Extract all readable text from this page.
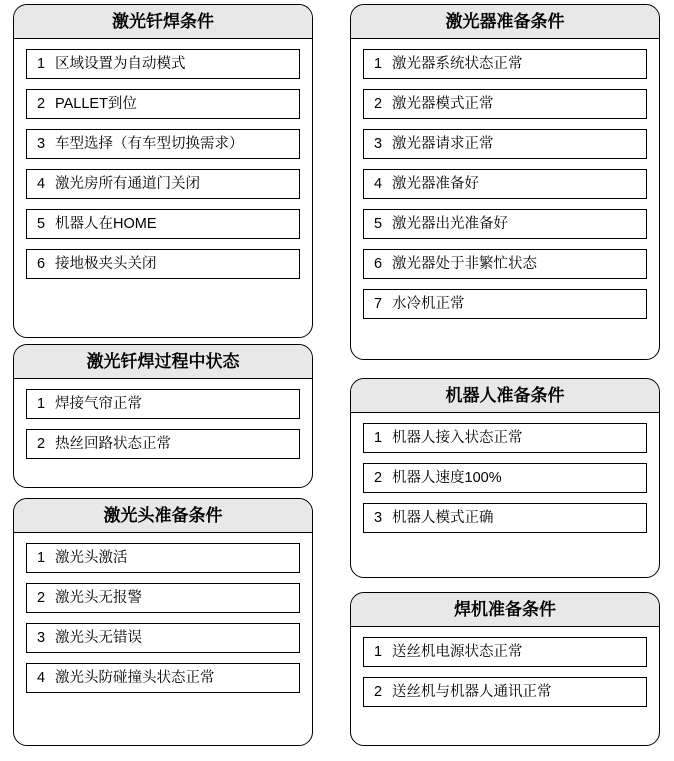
激光钎焊条件
1 区域设置为自动模式
2 PALLET到位
3 车型选择（有车型切换需求）
4 激光房所有通道门关闭
5 机器人在HOME
6 接地极夹头关闭
激光钎焊过程中状态
1 焊接气帘正常
2 热丝回路状态正常
激光头准备条件
1 激光头激活
2 激光头无报警
3 激光头无错误
4 激光头防碰撞头状态正常
激光器准备条件
1 激光器系统状态正常
2 激光器模式正常
3 激光器请求正常
4 激光器准备好
5 激光器出光准备好
6 激光器处于非繁忙状态
7 水冷机正常
机器人准备条件
1 机器人接入状态正常
2 机器人速度100%
3 机器人模式正确
焊机准备条件
1 送丝机电源状态正常
2 送丝机与机器人通讯正常
